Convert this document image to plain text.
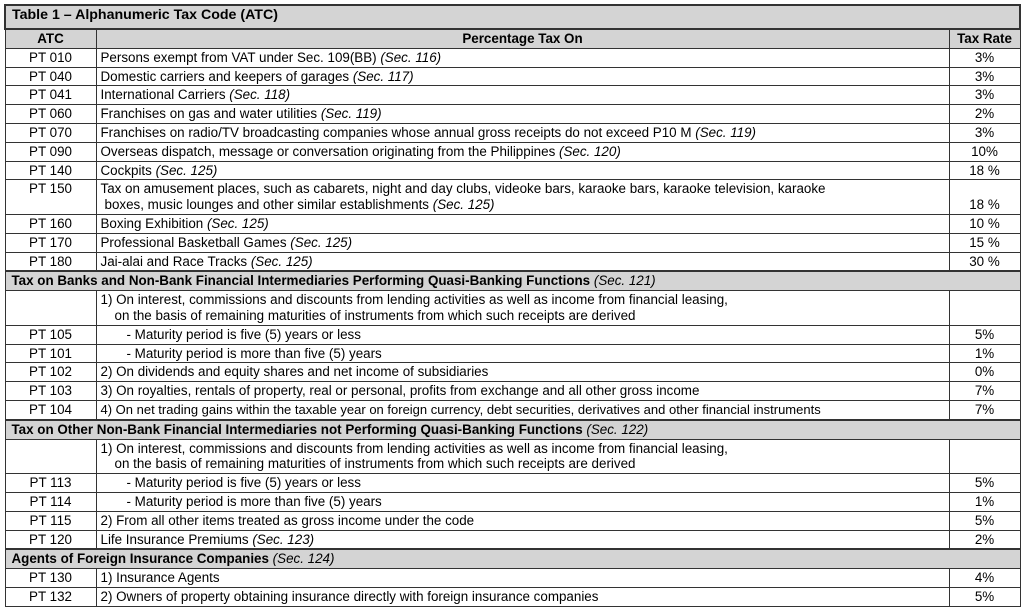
Table 1 – Alphanumeric Tax Code (ATC)		
ATC	Percentage Tax On	Tax Rate
PT 010	Persons exempt from VAT under Sec. 109(BB) (Sec. 116)	3%
PT 040	Domestic carriers and keepers of garages (Sec. 117)	3%
PT 041	International Carriers (Sec. 118)	3%
PT 060	Franchises on gas and water utilities (Sec. 119)	2%
PT 070	Franchises on radio/TV broadcasting companies whose annual gross receipts do not exceed P10 M (Sec. 119)	3%
PT 090	Overseas dispatch, message or conversation originating from the Philippines (Sec. 120)	10%
PT 140	Cockpits (Sec. 125)	18 %
PT 150	Tax on amusement places, such as cabarets, night and day clubs, videoke bars, karaoke bars, karaoke television, karaoke
boxes, music lounges and other similar establishments (Sec. 125)	18 %
PT 160	Boxing Exhibition (Sec. 125)	10 %
PT 170	Professional Basketball Games (Sec. 125)	15 %
PT 180	Jai-alai and Race Tracks (Sec. 125)	30 %
Tax on Banks and Non-Bank Financial Intermediaries Performing Quasi-Banking Functions (Sec. 121)		
	1) On interest, commissions and discounts from lending activities as well as income from financial leasing,
on the basis of remaining maturities of instruments from which such receipts are derived	
PT 105	- Maturity period is five (5) years or less	5%
PT 101	- Maturity period is more than five (5) years	1%
PT 102	2) On dividends and equity shares and net income of subsidiaries	0%
PT 103	3) On royalties, rentals of property, real or personal, profits from exchange and all other gross income	7%
PT 104	4) On net trading gains within the taxable year on foreign currency, debt securities, derivatives and other financial instruments	7%
Tax on Other Non-Bank Financial Intermediaries not Performing Quasi-Banking Functions (Sec. 122)		
	1) On interest, commissions and discounts from lending activities as well as income from financial leasing,
on the basis of remaining maturities of instruments from which such receipts are derived	
PT 113	- Maturity period is five (5) years or less	5%
PT 114	- Maturity period is more than five (5) years	1%
PT 115	2) From all other items treated as gross income under the code	5%
PT 120	Life Insurance Premiums (Sec. 123)	2%
Agents of Foreign Insurance Companies (Sec. 124)		
PT 130	1) Insurance Agents	4%
PT 132	2) Owners of property obtaining insurance directly with foreign insurance companies	5%
